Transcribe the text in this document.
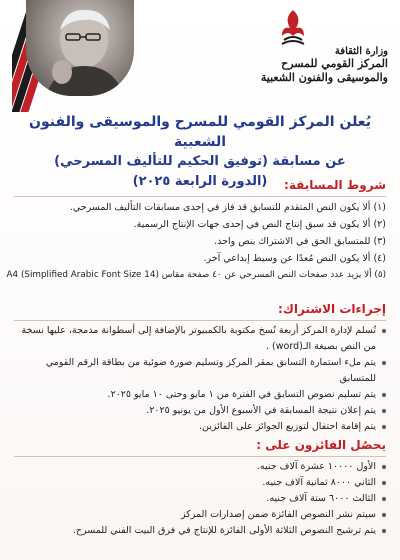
وزارة الثقافة
المركز القومي للمسرح
والموسيقى والفنون الشعبية
يُعلن المركز القومي للمسرح والموسيقى والفنون الشعبية
عن مسابقة (توفيق الحكيم للتأليف المسرحي)
(الدورة الرابعة ٢٠٢٥)	شروط المسابقة:
(١) ألا يكون النص المتقدم للتسابق قد فاز في إحدى مسابقات التأليف المسرحي.
(٢) ألا يكون قد سبق إنتاج النص في إحدى جهات الإنتاج الرسمية.
(٣) للمتسابق الحق في الاشتراك بنص واحد.
(٤) ألا يكون النص مُعدًا عن وسيط إبداعي آخر.
(٥) ألا يزيد عدد صفحات النص المسرحي عن ٤٠ صفحة مقاس A4 (Simplified Arabic Font Size 14)
إجراءات الاشتراك:
تُسلم لإدارة المركز أربعة نُسخ مكتوبة بالكمبيوتر بالإضافة إلى أسطوانة مدمجة، عليها نسخة
من النص بصيغة الـ(word) .
يتم ملء استمارة التسابق بمقر المركز وتسليم صورة ضوئية من بطاقة الرقم القومي للمتسابق
يتم تسليم نصوص التسابق في الفترة من ١ مايو وحتى ١٠ مايو ٢٠٢٥.
يتم إعلان نتيجة المسابقة في الأسبوع الأول من يونيو ٢٠٢٥.
يتم إقامة احتفال لتوزيع الجوائز على الفائزين.
يحصُل الفائزون على :
الأول ١٠٠٠٠ عشرة آلاف جنيه.
الثاني ٨٠٠٠ ثمانية آلاف جنيه.
الثالث ٦٠٠٠ ستة آلاف جنيه.
سيتم نشر النصوص الفائزة ضمن إصدارات المركز
يتم ترشيح النصوص الثلاثة الأولى الفائزة للإنتاج في فرق البيت الفني للمسرح.
